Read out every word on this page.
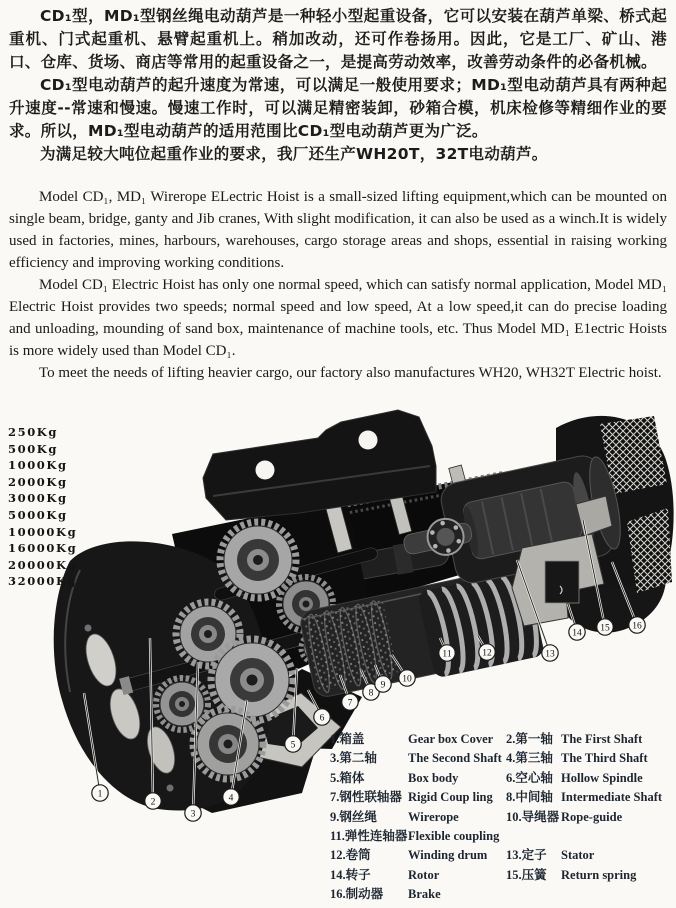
CD₁型，MD₁型钢丝绳电动葫芦是一种轻小型起重设备，它可以安装在葫芦单梁、桥式起重机、门式起重机、悬臂起重机上。稍加改动，还可作卷扬用。因此，它是工厂、矿山、港口、仓库、货场、商店等常用的起重设备之一，是提高劳动效率，改善劳动条件的必备机械。

CD₁型电动葫芦的起升速度为常速，可以满足一般使用要求；MD₁型电动葫芦具有两种起升速度--常速和慢速。慢速工作时，可以满足精密装卸，砂箱合模，机床检修等精细作业的要求。所以，MD₁型电动葫芦的适用范围比CD₁型电动葫芦更为广泛。

为满足较大吨位起重作业的要求，我厂还生产WH20T，32T电动葫芦。

Model CD₁, MD₁ Wirerope ELectric Hoist is a small-sized lifting equipment,which can be mounted on single beam, bridge, ganty and Jib cranes, With slight modification, it can also be used as a winch.It is widely used in factories, mines, harbours, warehouses, cargo storage areas and shops, essential in raising working efficiency and improving working conditions.

Model CD₁ Electric Hoist has only one normal speed, which can satisfy normal application, Model MD₁ Electric Hoist provides two speeds; normal speed and low speed, At a low speed,it can do precise loading and unloading, mounding of sand box, maintenance of machine tools, etc. Thus Model MD₁ E1ectric Hoists is more widely used than Model CD₁.

To meet the needs of lifting heavier cargo, our factory also manufactures WH20, WH32T Electric hoist.

250Kg
500Kg
1000Kg
2000Kg
3000Kg
5000Kg
10000Kg
16000Kg
20000Kg
32000Kg
1
2
3
4
5
6
7
8
9
10
11	12	13
14 15 16
1.箱盖	Gear box Cover	2.第一轴 The First Shaft
3.第二轴	The Second Shaft 4.第三轴 The Third Shaft
5.箱体	Box body	6.空心轴 Hollow Spindle
7.钢性联轴器 Rigid Coup ling	8.中间轴 Intermediate Shaft
9.钢丝绳	Wirerope	10.导绳器 Rope-guide
11.弹性连轴器 Flexible coupling
12.卷筒	Winding drum	13.定子	Stator
14.转子	Rotor	15.压簧	Return spring
16.制动器	Brake
